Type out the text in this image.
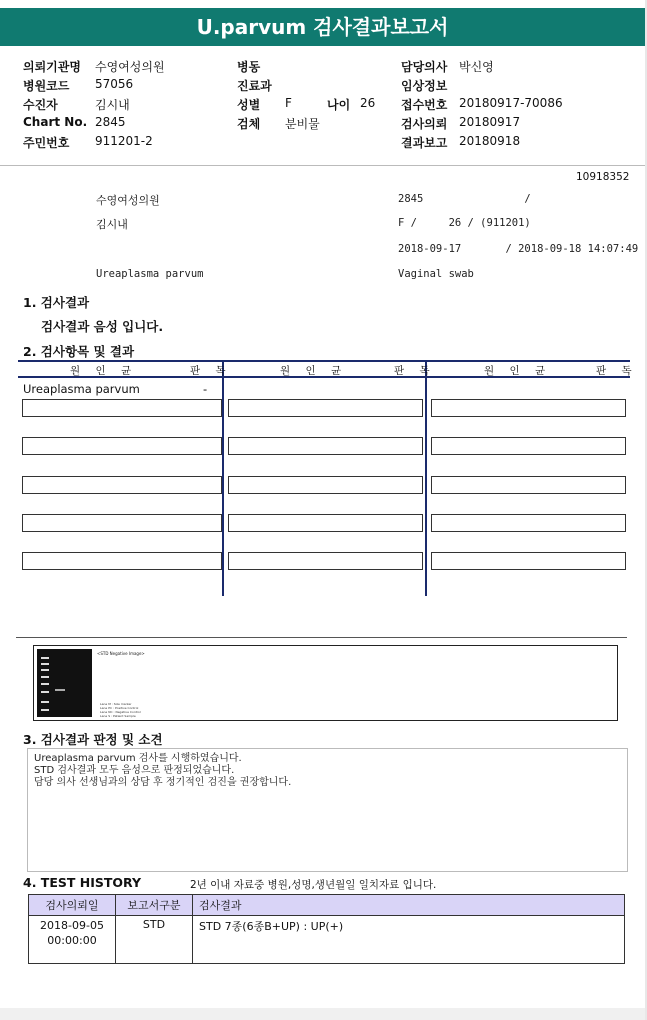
U.parvum 검사결과보고서
의뢰기관명 수영여성의원
병원코드 57056
수진자	김시내
Chart No. 2845
주민번호 911201-2
병동
진료과
성별 F	나이 26
검체 분비물
담당의사 박신영
임상정보
접수번호 20180917-70086
검사의뢰 20180917
결과보고 20180918
10918352
수영여성의원	2845                /
김시내	F /     26 / (911201)
2018-09-17       / 2018-09-18 14:07:49
Ureaplasma parvum	Vaginal swab
1. 검사결과
검사결과 음성 입니다.
2. 검사항목 및 결과
원 인 균	판 독	원 인 균	판 독	원 인 균	판 독
Ureaplasma parvum	-
<STD Negative Image>
Lane M : Size marker
Lane PC : Positive Control
Lane NC : Negative Control
Lane S : Patient Sample
3. 검사결과 판정 및 소견
Ureaplasma parvum 검사를 시행하였습니다.
STD 검사결과 모두 음성으로 판정되었습니다.
담당 의사 선생님과의 상담 후 정기적인 검진을 권장합니다.
4. TEST HISTORY	2년 이내 자료중 병원,성명,생년월일 일치자료 입니다.
검사의뢰일	보고서구분	검사결과

2018-09-05
00:00:00	STD	STD 7종(6종B+UP) : UP(+)
